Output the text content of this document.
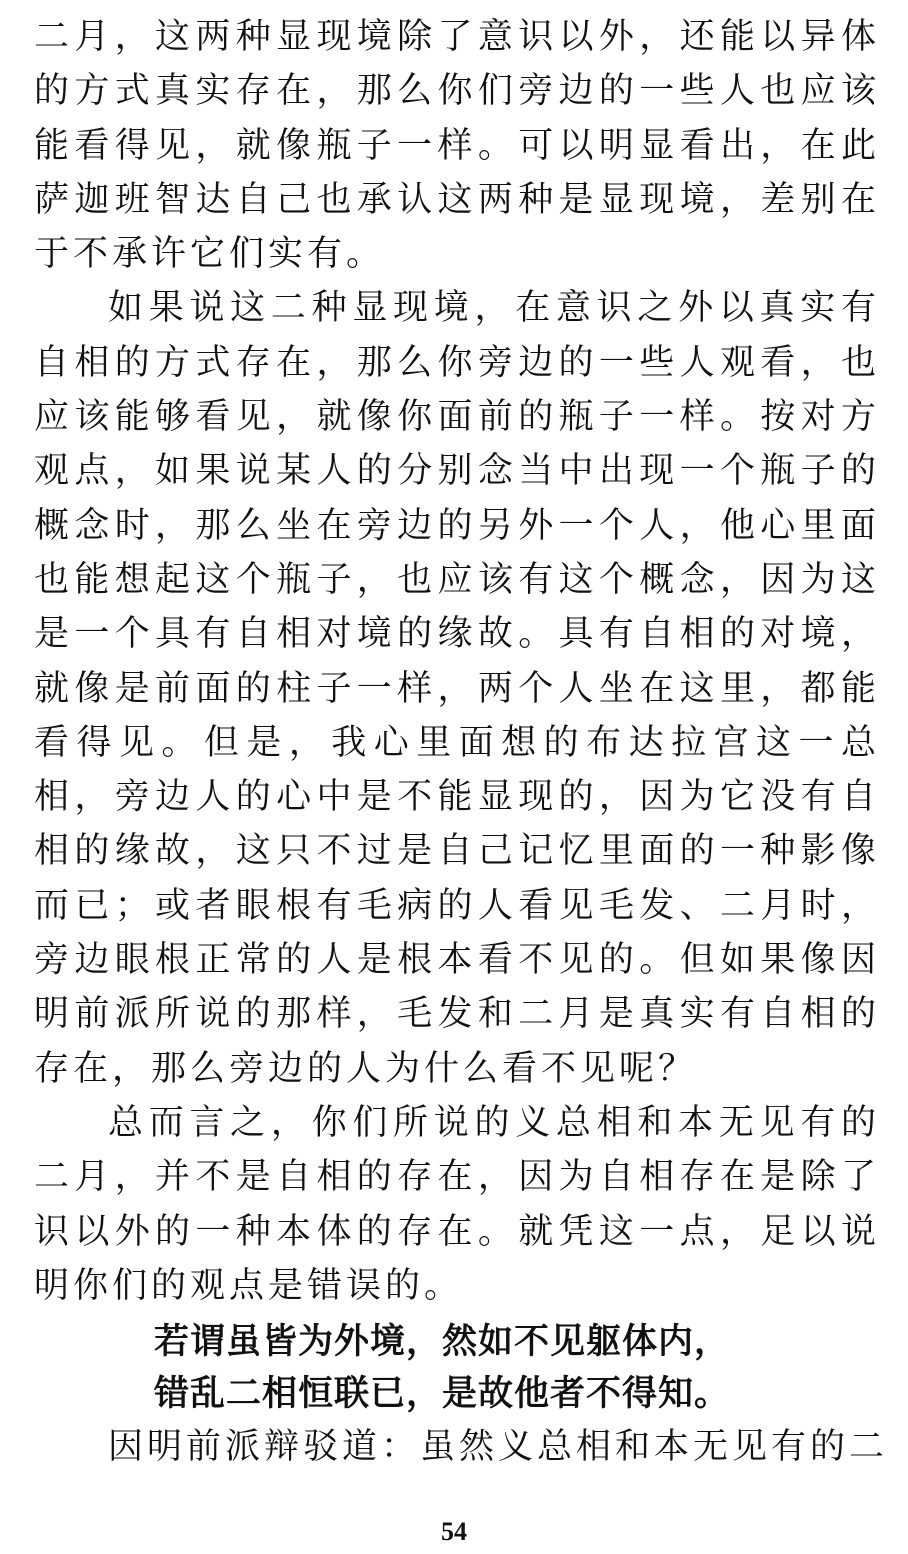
二月，这两种显现境除了意识以外，还能以异体的方式真实存在，那么你们旁边的一些人也应该能看得见，就像瓶子一样。可以明显看出，在此萨迦班智达自己也承认这两种是显现境，差别在于不承许它们实有。

如果说这二种显现境，在意识之外以真实有自相的方式存在，那么你旁边的一些人观看，也应该能够看见，就像你面前的瓶子一样。按对方观点，如果说某人的分别念当中出现一个瓶子的概念时，那么坐在旁边的另外一个人，他心里面也能想起这个瓶子，也应该有这个概念，因为这是一个具有自相对境的缘故。具有自相的对境，就像是前面的柱子一样，两个人坐在这里，都能看得见。但是，我心里面想的布达拉宫这一总相，旁边人的心中是不能显现的，因为它没有自相的缘故，这只不过是自己记忆里面的一种影像而已；或者眼根有毛病的人看见毛发、二月时，旁边眼根正常的人是根本看不见的。但如果像因明前派所说的那样，毛发和二月是真实有自相的存在，那么旁边的人为什么看不见呢？

总而言之，你们所说的义总相和本无见有的二月，并不是自相的存在，因为自相存在是除了识以外的一种本体的存在。就凭这一点，足以说明你们的观点是错误的。

若谓虽皆为外境，然如不见躯体内，
错乱二相恒联已，是故他者不得知。
因明前派辩驳道：虽然义总相和本无见有的二
54
